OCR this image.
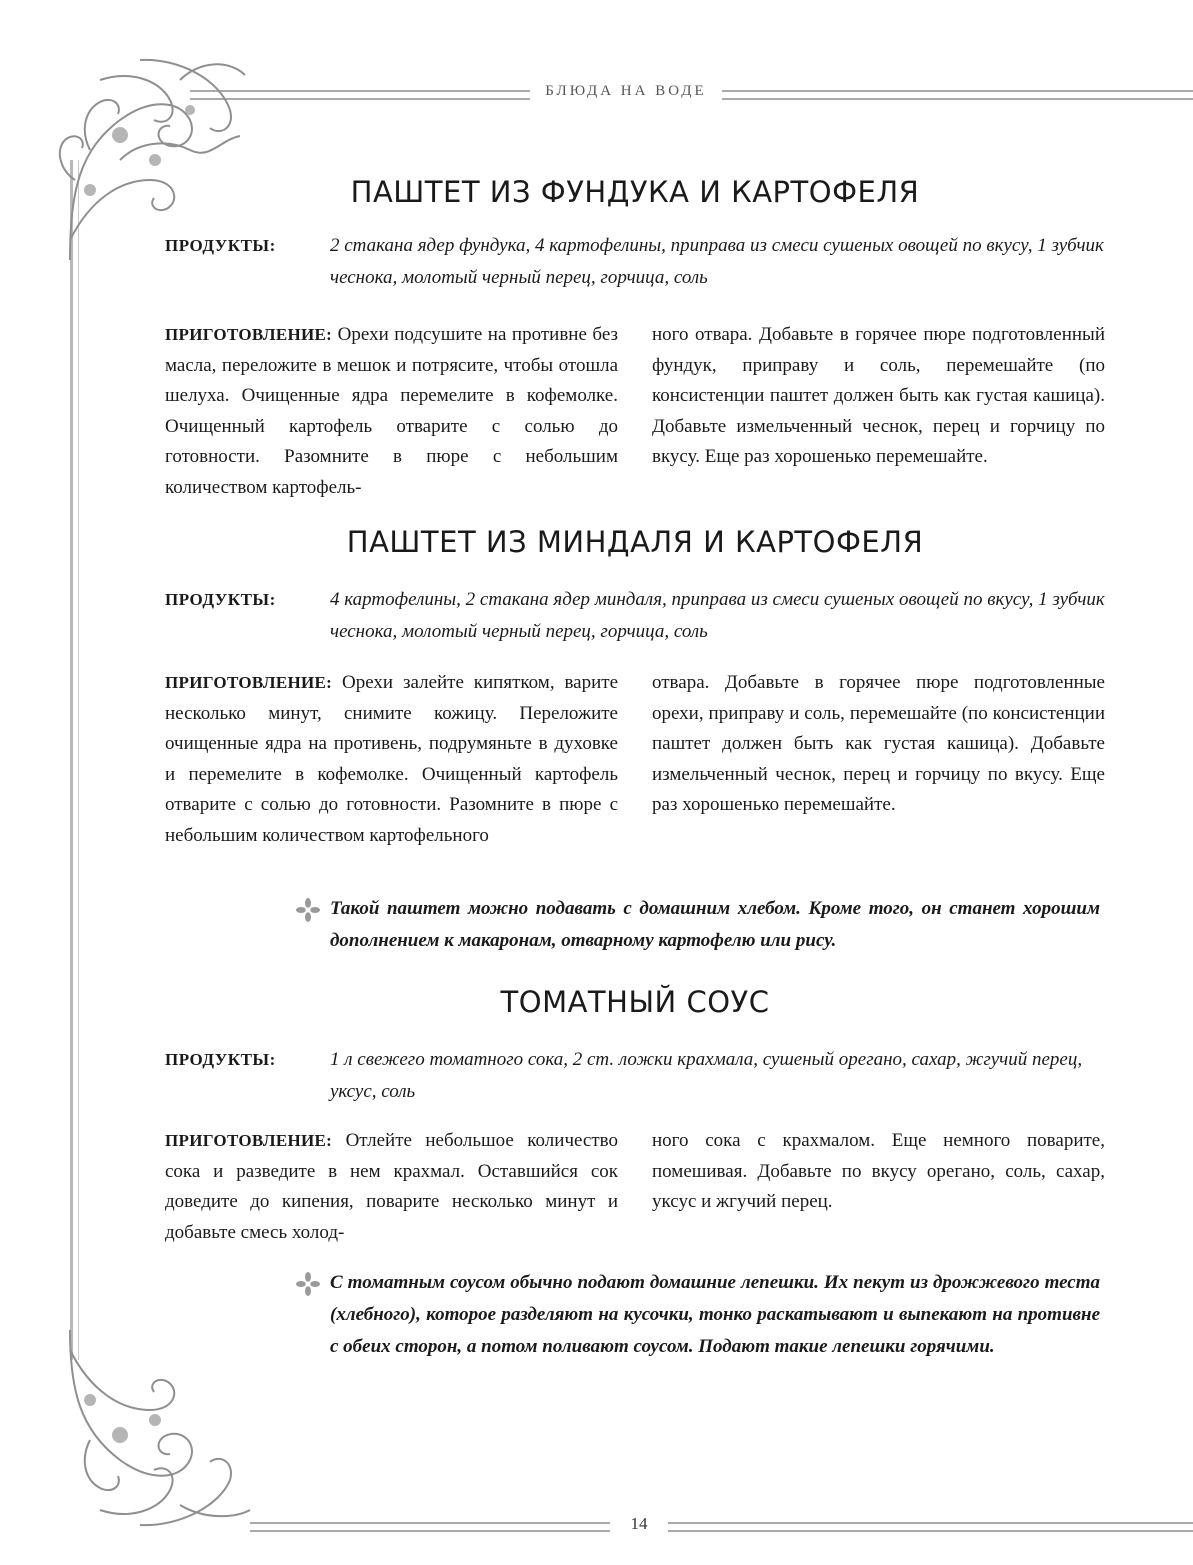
БЛЮДА НА ВОДЕ
ПАШТЕТ ИЗ ФУНДУКА И КАРТОФЕЛЯ
ПРОДУКТЫ:	2 стакана ядер фундука, 4 картофелины, приправа из смеси сушеных овощей по вкусу, 1 зубчик чеснока, молотый черный перец, горчица, соль

ПРИГОТОВЛЕНИЕ: Орехи подсушите на противне без масла, переложите в мешок и потрясите, чтобы отошла шелуха. Очищенные ядра перемелите в кофемолке. Очищенный картофель отварите с солью до готовности. Разомните в пюре с небольшим количеством картофель-

ного отвара. Добавьте в горячее пюре подготовленный фундук, приправу и соль, перемешайте (по консистенции паштет должен быть как густая кашица). Добавьте измельченный чеснок, перец и горчицу по вкусу. Еще раз хорошенько перемешайте.

ПАШТЕТ ИЗ МИНДАЛЯ И КАРТОФЕЛЯ
ПРОДУКТЫ:	4 картофелины, 2 стакана ядер миндаля, приправа из смеси сушеных овощей по вкусу, 1 зубчик чеснока, молотый черный перец, горчица, соль

ПРИГОТОВЛЕНИЕ: Орехи залейте кипятком, варите несколько минут, снимите кожицу. Переложите очищенные ядра на противень, подрумяньте в духовке и перемелите в кофемолке. Очищенный картофель отварите с солью до готовности. Разомните в пюре с небольшим количеством картофельного

отвара. Добавьте в горячее пюре подготовленные орехи, приправу и соль, перемешайте (по консистенции паштет должен быть как густая кашица). Добавьте измельченный чеснок, перец и горчицу по вкусу. Еще раз хорошенько перемешайте.

Такой паштет можно подавать с домашним хлебом. Кроме того, он станет хорошим дополнением к макаронам, отварному картофелю или рису.
ТОМАТНЫЙ СОУС
ПРОДУКТЫ:	1 л свежего томатного сока, 2 ст. ложки крахмала, сушеный орегано, сахар, жгучий перец, уксус, соль

ПРИГОТОВЛЕНИЕ: Отлейте небольшое количество сока и разведите в нем крахмал. Оставшийся сок доведите до кипения, поварите несколько минут и добавьте смесь холод-

ного сока с крахмалом. Еще немного поварите, помешивая. Добавьте по вкусу орегано, соль, сахар, уксус и жгучий перец.

С томатным соусом обычно подают домашние лепешки. Их пекут из дрожжевого теста (хлебного), которое разделяют на кусочки, тонко раскатывают и выпекают на противне с обеих сторон, а потом поливают соусом. Подают такие лепешки горячими.
14
